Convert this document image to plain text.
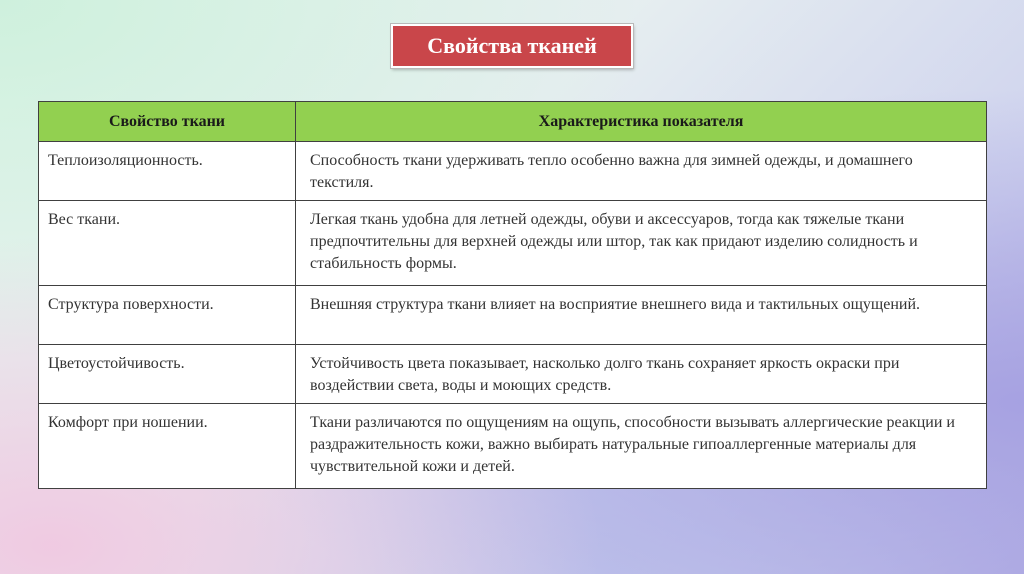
Свойства тканей
Свойство ткани	Характеристика показателя
Теплоизоляционность.	Способность ткани удерживать тепло особенно важна для зимней одежды, и домашнего текстиля.
Вес ткани.	Легкая ткань удобна для летней одежды, обуви и аксессуаров, тогда как тяжелые ткани предпочтительны для верхней одежды или штор, так как придают изделию солидность и стабильность формы.
Структура поверхности.	Внешняя структура ткани влияет на восприятие внешнего вида и тактильных ощущений.
Цветоустойчивость.	Устойчивость цвета показывает, насколько долго ткань сохраняет яркость окраски при воздействии света, воды и моющих средств.
Комфорт при ношении.	Ткани различаются по ощущениям на ощупь, способности вызывать аллергические реакции и раздражительность кожи, важно выбирать натуральные гипоаллергенные материалы для чувствительной кожи и детей.
